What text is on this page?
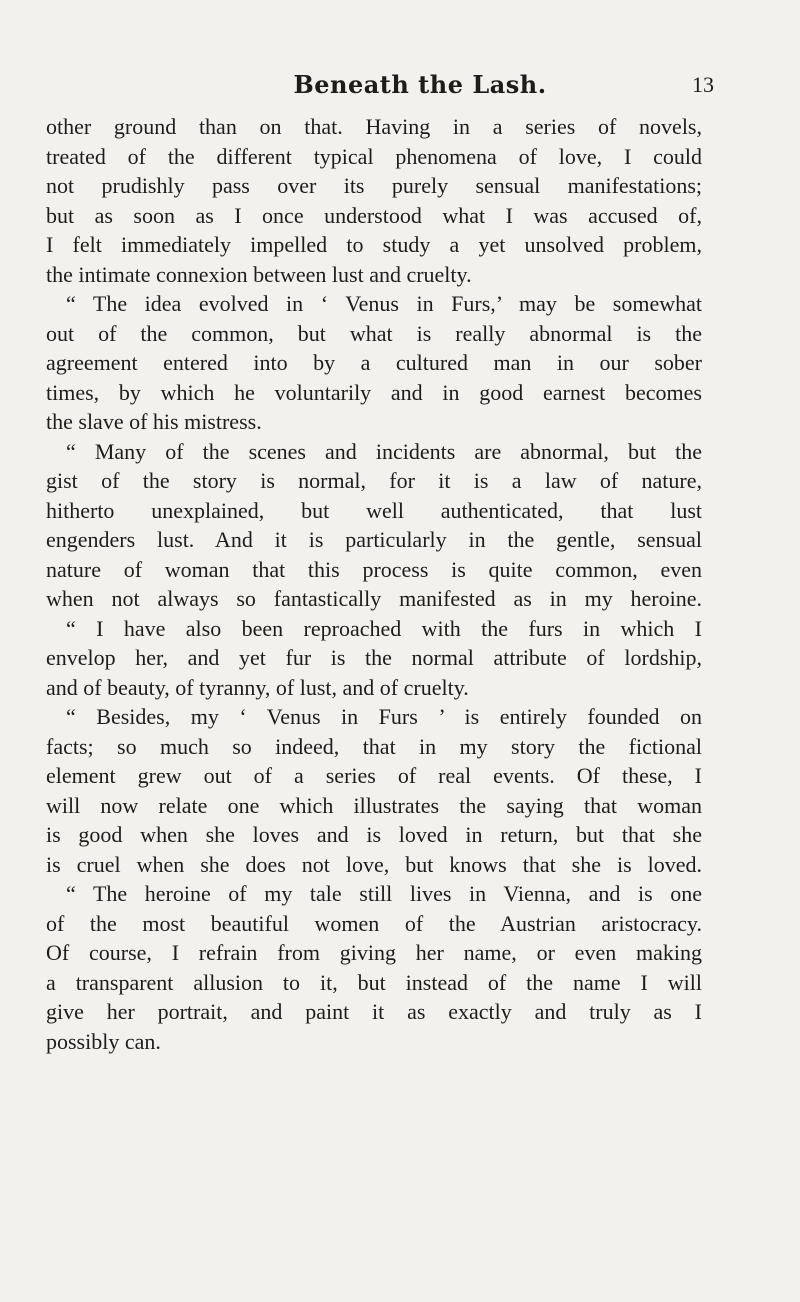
Beneath the Lash.	13
other ground than on that. Having in a series of novels,
treated of the different typical phenomena of love, I could
not prudishly pass over its purely sensual manifestations;
but as soon as I once understood what I was accused of,
I felt immediately impelled to study a yet unsolved problem,
the intimate connexion between lust and cruelty.
“ The idea evolved in ‘ Venus in Furs,’ may be somewhat
out of the common, but what is really abnormal is the
agreement entered into by a cultured man in our sober
times, by which he voluntarily and in good earnest becomes
the slave of his mistress.
“ Many of the scenes and incidents are abnormal, but the
gist of the story is normal, for it is a law of nature,
hitherto unexplained, but well authenticated, that lust
engenders lust. And it is particularly in the gentle, sensual
nature of woman that this process is quite common, even
when not always so fantastically manifested as in my heroine.
“ I have also been reproached with the furs in which I
envelop her, and yet fur is the normal attribute of lordship,
and of beauty, of tyranny, of lust, and of cruelty.
“ Besides, my ‘ Venus in Furs ’ is entirely founded on
facts; so much so indeed, that in my story the fictional
element grew out of a series of real events. Of these, I
will now relate one which illustrates the saying that woman
is good when she loves and is loved in return, but that she
is cruel when she does not love, but knows that she is loved.
“ The heroine of my tale still lives in Vienna, and is one
of the most beautiful women of the Austrian aristocracy.
Of course, I refrain from giving her name, or even making
a transparent allusion to it, but instead of the name I will
give her portrait, and paint it as exactly and truly as I
possibly can.
